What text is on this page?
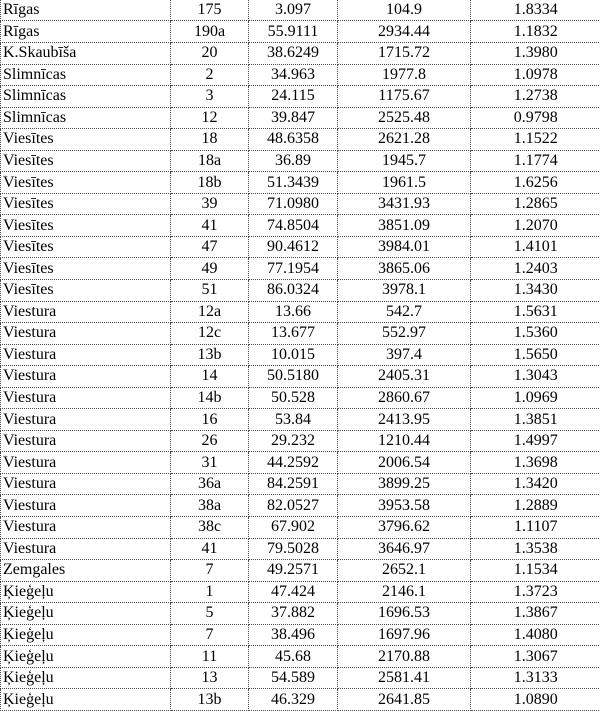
Rīgas	175	3.097	104.9	1.8334
Rīgas	190a	55.9111	2934.44	1.1832
K.Skaubīša	20	38.6249	1715.72	1.3980
Slimnīcas	2	34.963	1977.8	1.0978
Slimnīcas	3	24.115	1175.67	1.2738
Slimnīcas	12	39.847	2525.48	0.9798
Viesītes	18	48.6358	2621.28	1.1522
Viesītes	18a	36.89	1945.7	1.1774
Viesītes	18b	51.3439	1961.5	1.6256
Viesītes	39	71.0980	3431.93	1.2865
Viesītes	41	74.8504	3851.09	1.2070
Viesītes	47	90.4612	3984.01	1.4101
Viesītes	49	77.1954	3865.06	1.2403
Viesītes	51	86.0324	3978.1	1.3430
Viestura	12a	13.66	542.7	1.5631
Viestura	12c	13.677	552.97	1.5360
Viestura	13b	10.015	397.4	1.5650
Viestura	14	50.5180	2405.31	1.3043
Viestura	14b	50.528	2860.67	1.0969
Viestura	16	53.84	2413.95	1.3851
Viestura	26	29.232	1210.44	1.4997
Viestura	31	44.2592	2006.54	1.3698
Viestura	36a	84.2591	3899.25	1.3420
Viestura	38a	82.0527	3953.58	1.2889
Viestura	38c	67.902	3796.62	1.1107
Viestura	41	79.5028	3646.97	1.3538
Zemgales	7	49.2571	2652.1	1.1534
Ķieģeļu	1	47.424	2146.1	1.3723
Ķieģeļu	5	37.882	1696.53	1.3867
Ķieģeļu	7	38.496	1697.96	1.4080
Ķieģeļu	11	45.68	2170.88	1.3067
Ķieģeļu	13	54.589	2581.41	1.3133
Ķieģeļu	13b	46.329	2641.85	1.0890
